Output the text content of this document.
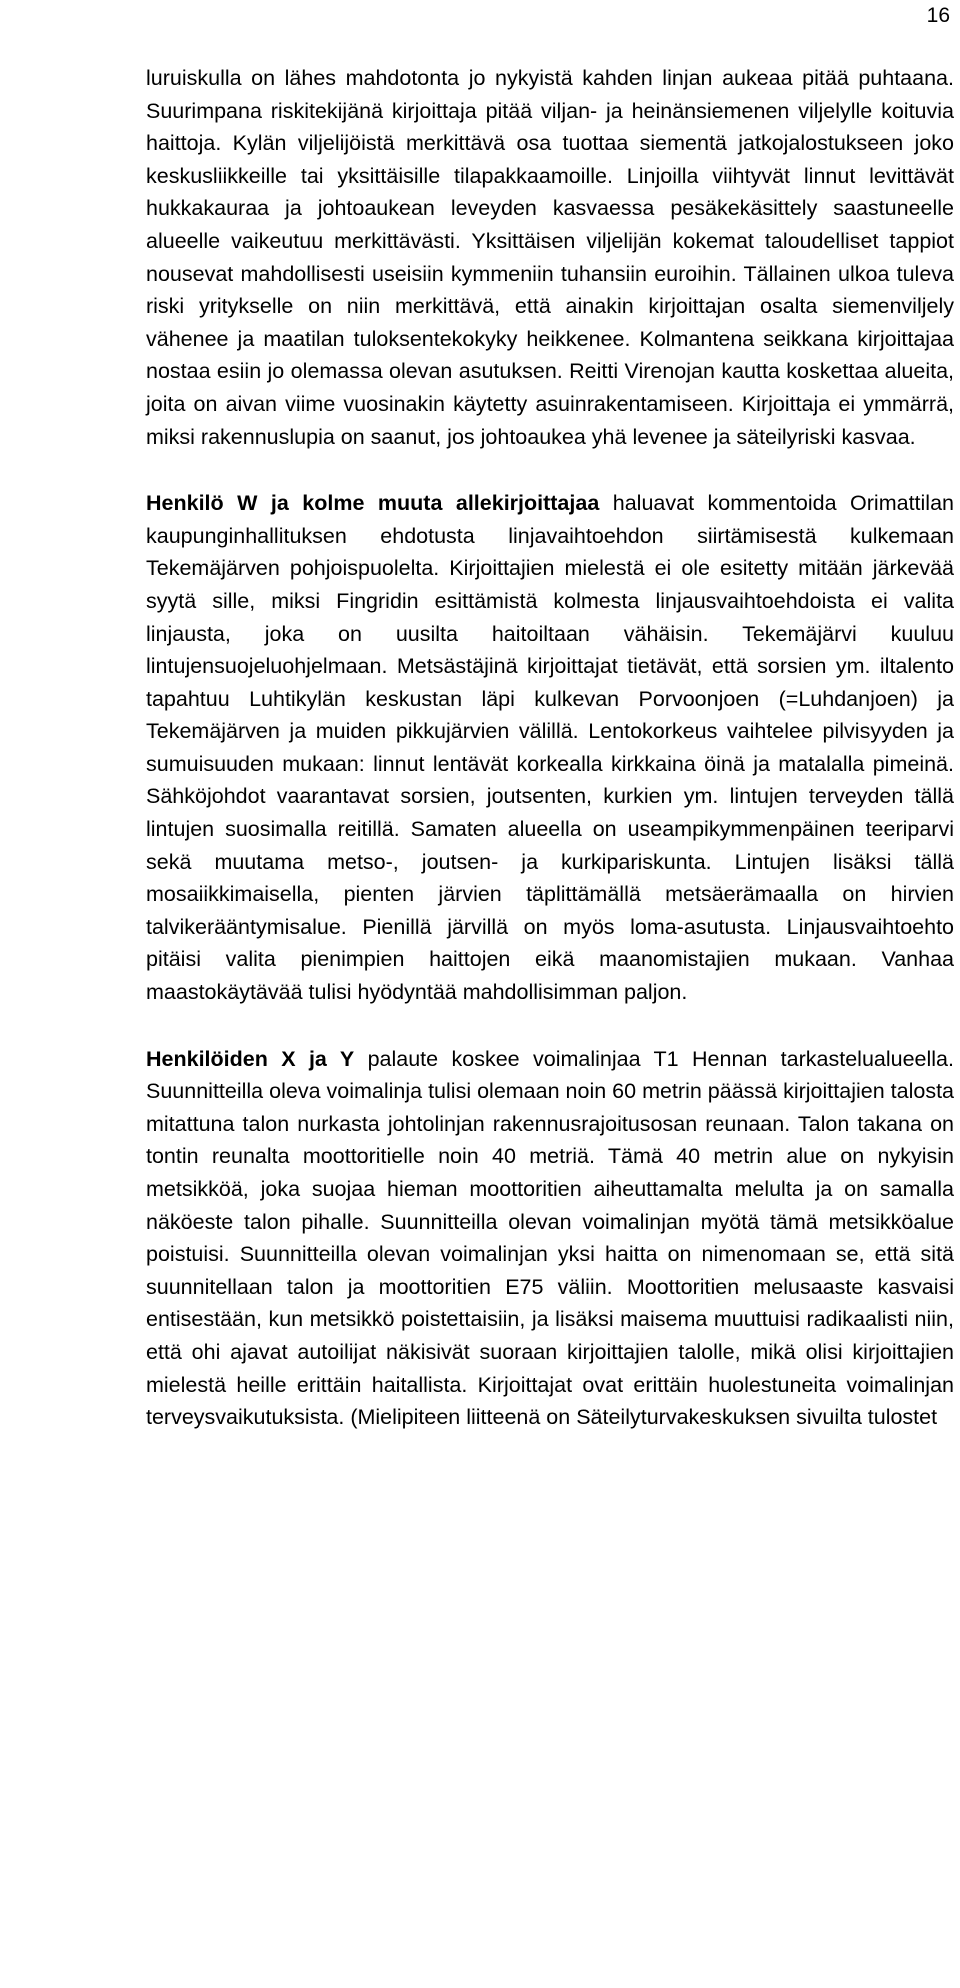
16

luruiskulla on lähes mahdotonta jo nykyistä kahden linjan aukeaa pitää puhtaana. Suurimpana riskitekijänä kirjoittaja pitää viljan- ja heinänsiemenen viljelylle koituvia haittoja. Kylän viljelijöistä merkittävä osa tuottaa siementä jatkojalostukseen joko keskusliikkeille tai yksittäisille tilapakkaamoille. Linjoilla viihtyvät linnut levittävät hukkakauraa ja johtoaukean leveyden kasvaessa pesäkekäsittely saastuneelle alueelle vaikeutuu merkittävästi. Yksittäisen viljelijän kokemat taloudelliset tappiot nousevat mahdollisesti useisiin kymmeniin tuhansiin euroihin. Tällainen ulkoa tuleva riski yritykselle on niin merkittävä, että ainakin kirjoittajan osalta siemenviljely vähenee ja maatilan tuloksentekokyky heikkenee. Kolmantena seikkana kirjoittajaa nostaa esiin jo olemassa olevan asutuksen. Reitti Virenojan kautta koskettaa alueita, joita on aivan viime vuosinakin käytetty asuinrakentamiseen. Kirjoittaja ei ymmärrä, miksi rakennuslupia on saanut, jos johtoaukea yhä levenee ja säteilyriski kasvaa.

Henkilö W ja kolme muuta allekirjoittajaa haluavat kommentoida Orimattilan kaupunginhallituksen ehdotusta linjavaihtoehdon siirtämisestä kulkemaan Tekemäjärven pohjoispuolelta. Kirjoittajien mielestä ei ole esitetty mitään järkevää syytä sille, miksi Fingridin esittämistä kolmesta linjausvaihtoehdoista ei valita linjausta, joka on uusilta haitoiltaan vähäisin. Tekemäjärvi kuuluu lintujensuojeluohjelmaan. Metsästäjinä kirjoittajat tietävät, että sorsien ym. iltalento tapahtuu Luhtikylän keskustan läpi kulkevan Porvoonjoen (=Luhdanjoen) ja Tekemäjärven ja muiden pikkujärvien välillä. Lentokorkeus vaihtelee pilvisyyden ja sumuisuuden mukaan: linnut lentävät korkealla kirkkaina öinä ja matalalla pimeinä. Sähköjohdot vaarantavat sorsien, joutsenten, kurkien ym. lintujen terveyden tällä lintujen suosimalla reitillä. Samaten alueella on useampikymmenpäinen teeriparvi sekä muutama metso-, joutsen- ja kurkipariskunta. Lintujen lisäksi tällä mosaiikkimaisella, pienten järvien täplittämällä metsäerämaalla on hirvien talvikerääntymisalue. Pienillä järvillä on myös loma-asutusta. Linjausvaihtoehto pitäisi valita pienimpien haittojen eikä maanomistajien mukaan. Vanhaa maastokäytävää tulisi hyödyntää mahdollisimman paljon.

Henkilöiden X ja Y palaute koskee voimalinjaa T1 Hennan tarkastelualueella. Suunnitteilla oleva voimalinja tulisi olemaan noin 60 metrin päässä kirjoittajien talosta mitattuna talon nurkasta johtolinjan rakennusrajoitusosan reunaan. Talon takana on tontin reunalta moottoritielle noin 40 metriä. Tämä 40 metrin alue on nykyisin metsikköä, joka suojaa hieman moottoritien aiheuttamalta melulta ja on samalla näköeste talon pihalle. Suunnitteilla olevan voimalinjan myötä tämä metsikköalue poistuisi. Suunnitteilla olevan voimalinjan yksi haitta on nimenomaan se, että sitä suunnitellaan talon ja moottoritien E75 väliin. Moottoritien melusaaste kasvaisi entisestään, kun metsikkö poistettaisiin, ja lisäksi maisema muuttuisi radikaalisti niin, että ohi ajavat autoilijat näkisivät suoraan kirjoittajien talolle, mikä olisi kirjoittajien mielestä heille erittäin haitallista. Kirjoittajat ovat erittäin huolestuneita voimalinjan terveysvaikutuksista. (Mielipiteen liitteenä on Säteilyturvakeskuksen sivuilta tulostet
